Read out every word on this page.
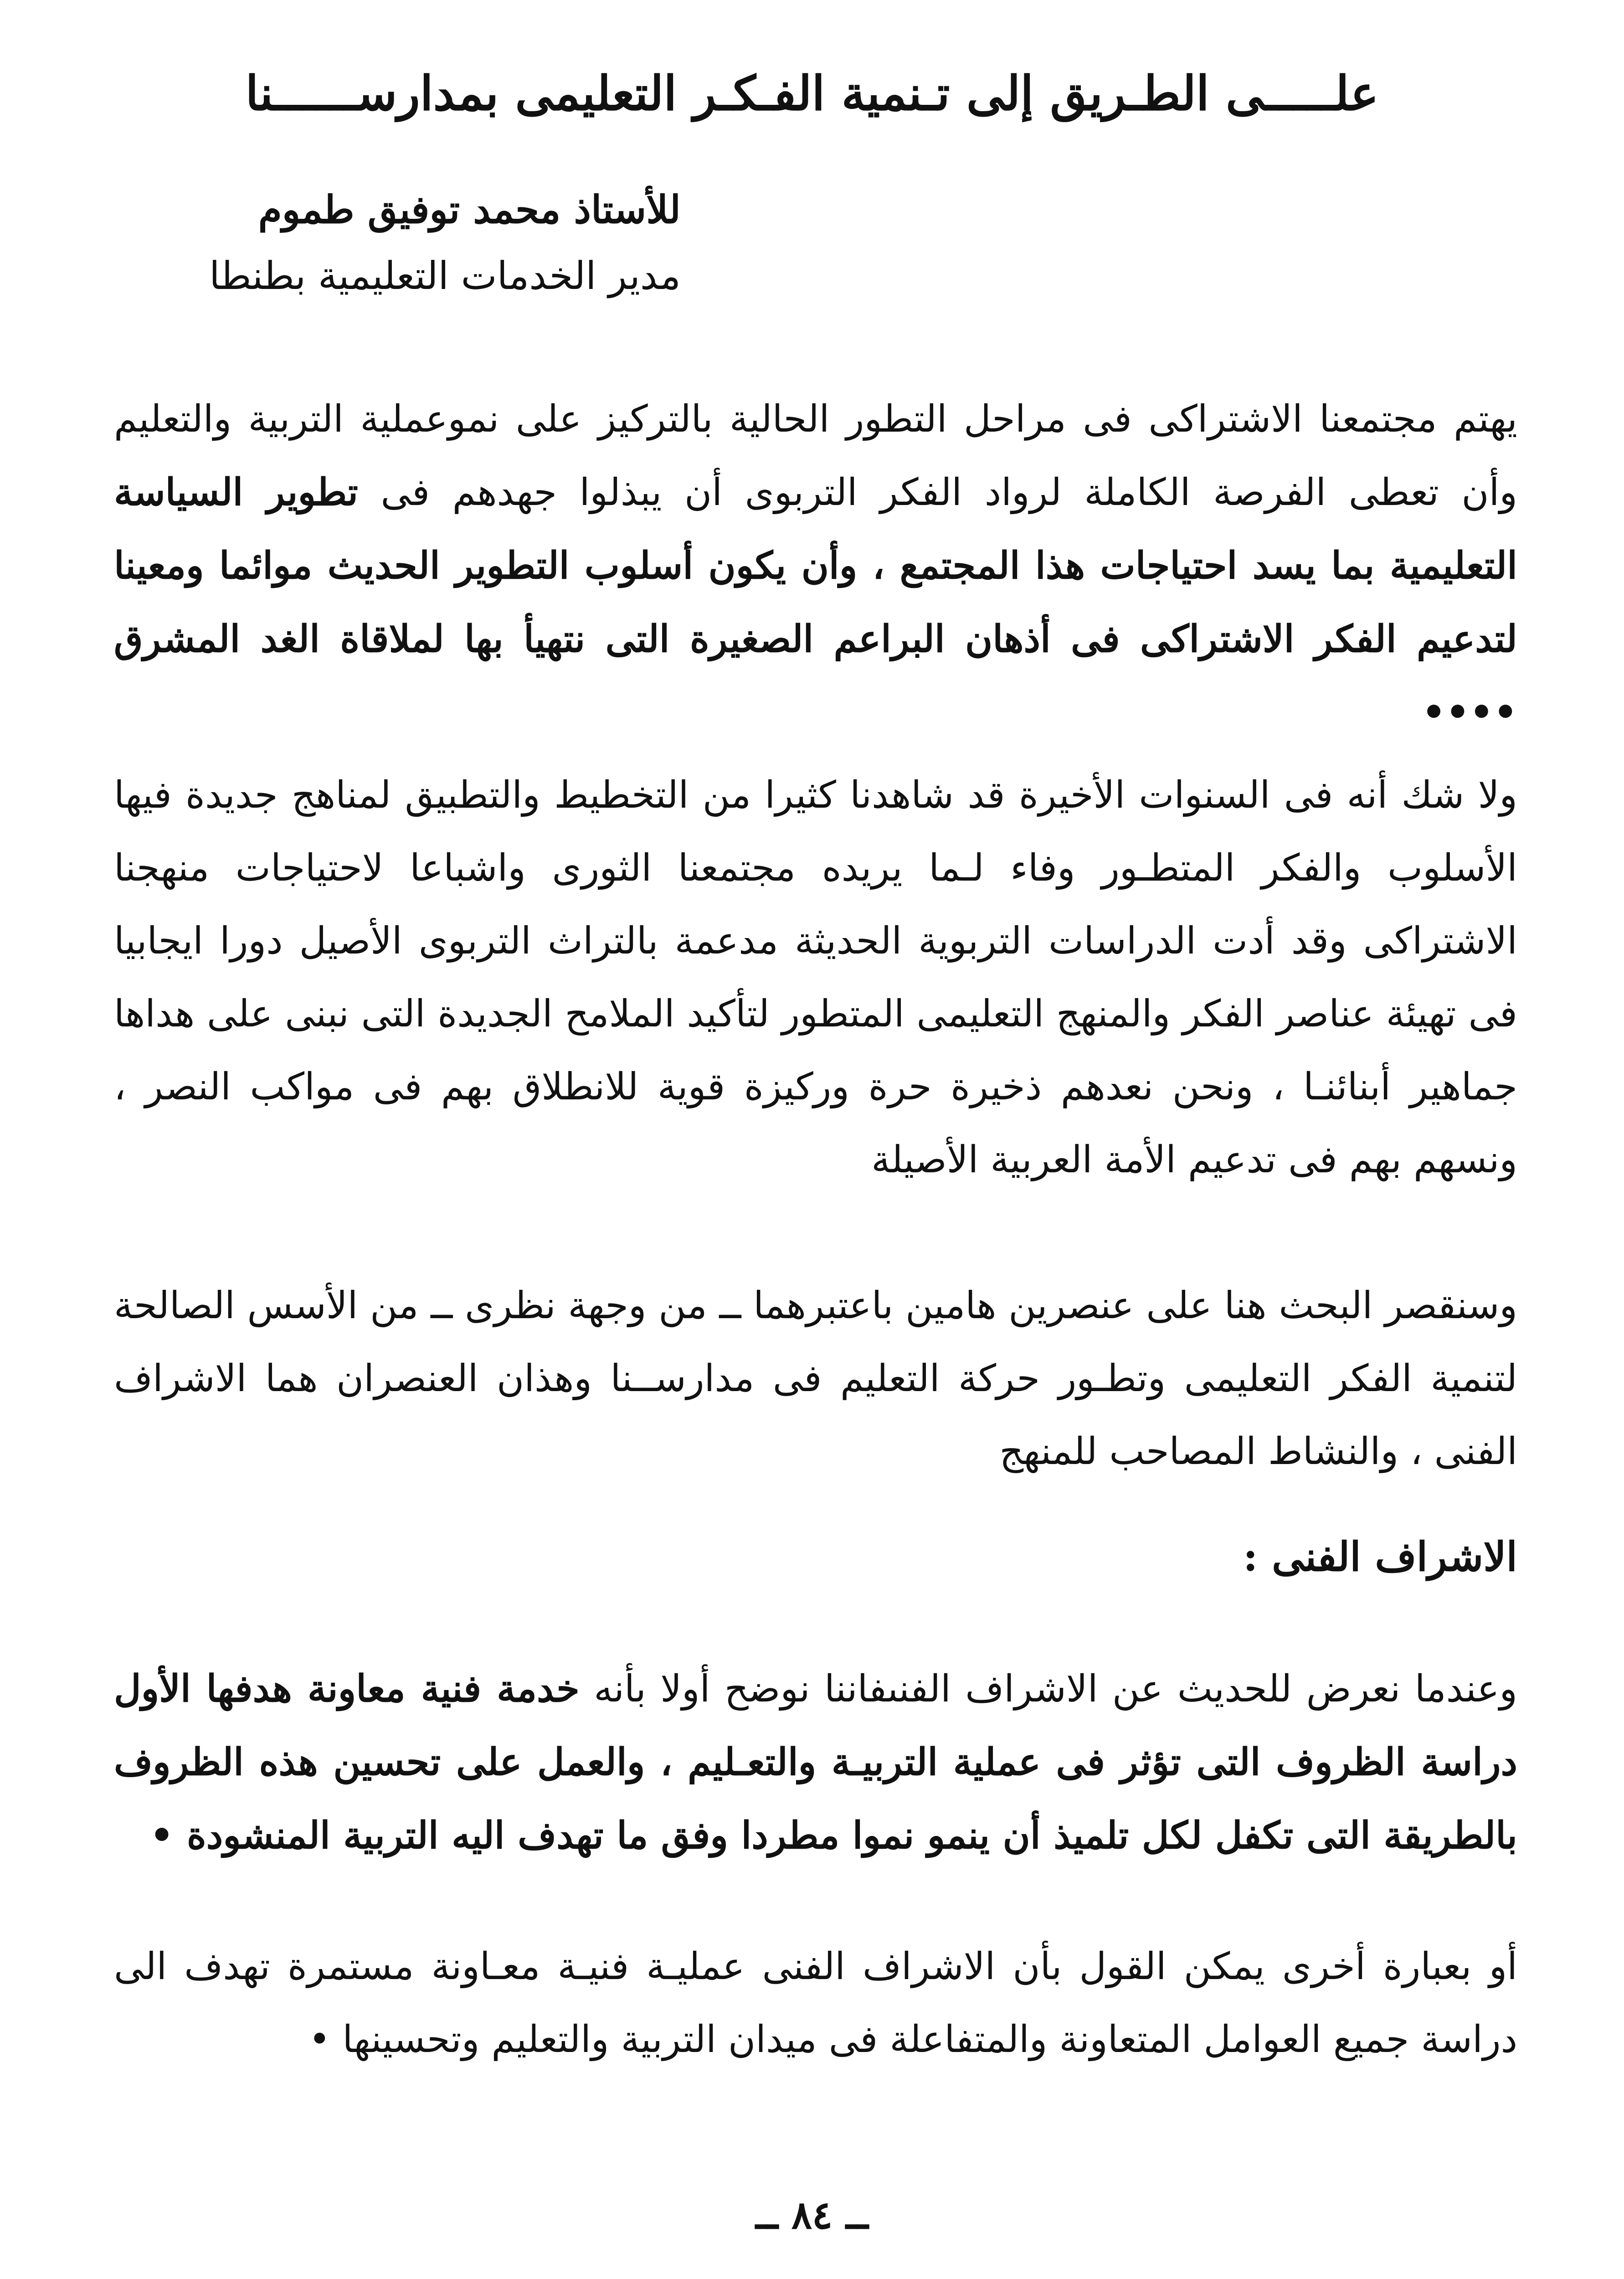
علـــــى الطـريق إلى تـنمية الفـكـر التعليمى بمدارســــــنا
للأستاذ محمد توفيق طموم
مدير الخدمات التعليمية بطنطا

يهتم مجتمعنا الاشتراكى فى مراحل التطور الحالية بالتركيز على نموعملية التربية والتعليم وأن تعطى الفرصة الكاملة لرواد الفكر التربوى أن يبذلوا جهدهم فى تطوير السياسة التعليمية بما يسد احتياجات هذا المجتمع ، وأن يكون أسلوب التطوير الحديث موائما ومعينا لتدعيم الفكر الاشتراكى فى أذهان البراعم الصغيرة التى نتهيأ بها لملاقاة الغد المشرق ••••

ولا شك أنه فى السنوات الأخيرة قد شاهدنا كثيرا من التخطيط والتطبيق لمناهج جديدة فيها الأسلوب والفكر المتطـور وفاء لـما يريده مجتمعنا الثورى واشباعا لاحتياجات منهجنا الاشتراكى وقد أدت الدراسات التربوية الحديثة مدعمة بالتراث التربوى الأصيل دورا ايجابيا فى تهيئة عناصر الفكر والمنهج التعليمى المتطور لتأكيد الملامح الجديدة التى نبنى على هداها جماهير أبنائنـا ، ونحن نعدهم ذخيرة حرة وركيزة قوية للانطلاق بهم فى مواكب النصر ، ونسهم بهم فى تدعيم الأمة العربية الأصيلة

وسنقصر البحث هنا على عنصرين هامين باعتبرهما ــ من وجهة نظرى ــ من الأسس الصالحة لتنمية الفكر التعليمى وتطـور حركة التعليم فى مدارســنا وهذان العنصران هما الاشراف الفنى ، والنشاط المصاحب للمنهج

الاشراف الفنى :

وعندما نعرض للحديث عن الاشراف الفنىفاننا نوضح أولا بأنه خدمة فنية معاونة هدفها الأول دراسة الظروف التى تؤثر فى عملية التربيـة والتعـليم ، والعمل على تحسين هذه الظروف بالطريقة التى تكفل لكل تلميذ أن ينمو نموا مطردا وفق ما تهدف اليه التربية المنشودة •

أو بعبارة أخرى يمكن القول بأن الاشراف الفنى عمليـة فنيـة معـاونة مستمرة تهدف الى دراسة جميع العوامل المتعاونة والمتفاعلة فى ميدان التربية والتعليم وتحسينها •

ــ ٨٤ ــ
